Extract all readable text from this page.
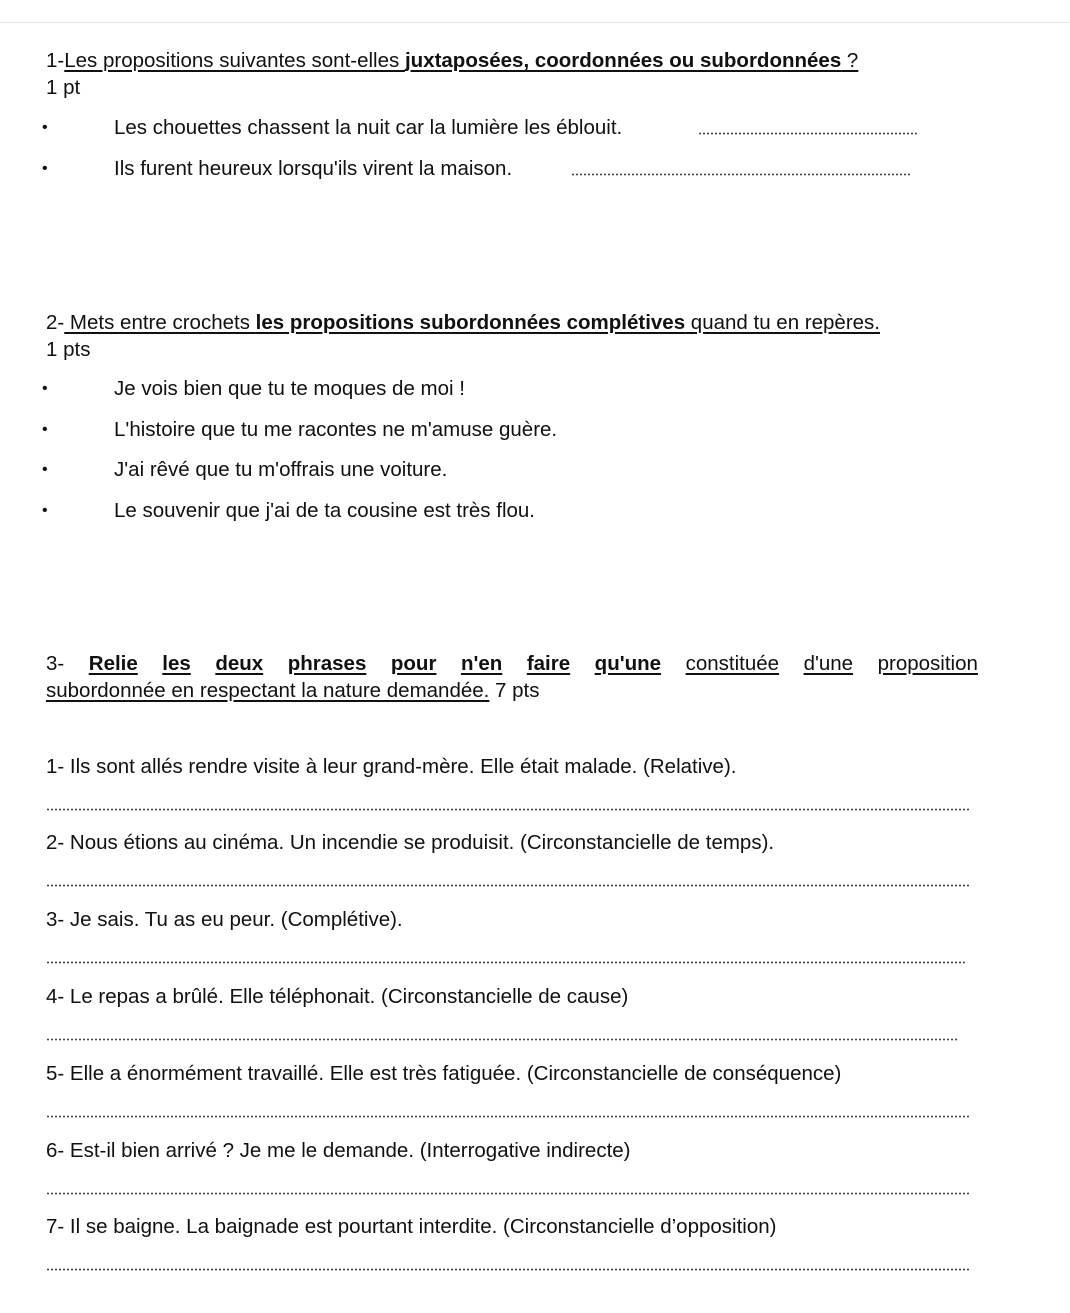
1-Les propositions suivantes sont-elles juxtaposées, coordonnées ou subordonnées ?
1 pt
•	Les chouettes chassent la nuit car la lumière les éblouit.
•	Ils furent heureux lorsqu'ils virent la maison.
2- Mets entre crochets les propositions subordonnées complétives quand tu en repères.
1 pts
•	Je vois bien que tu te moques de moi !
•	L'histoire que tu me racontes ne m'amuse guère.
•	J'ai rêvé que tu m'offrais une voiture.
•	Le souvenir que j'ai de ta cousine est très flou.
3- Relie les deux phrases pour n'en faire qu'une constituée d'une proposition
subordonnée en respectant la nature demandée. 7 pts
1- Ils sont allés rendre visite à leur grand-mère. Elle était malade. (Relative).
2- Nous étions au cinéma. Un incendie se produisit. (Circonstancielle de temps).
3- Je sais. Tu as eu peur. (Complétive).
4- Le repas a brûlé. Elle téléphonait. (Circonstancielle de cause)
5- Elle a énormément travaillé. Elle est très fatiguée. (Circonstancielle de conséquence)
6- Est-il bien arrivé ? Je me le demande. (Interrogative indirecte)
7- Il se baigne. La baignade est pourtant interdite. (Circonstancielle d’opposition)
